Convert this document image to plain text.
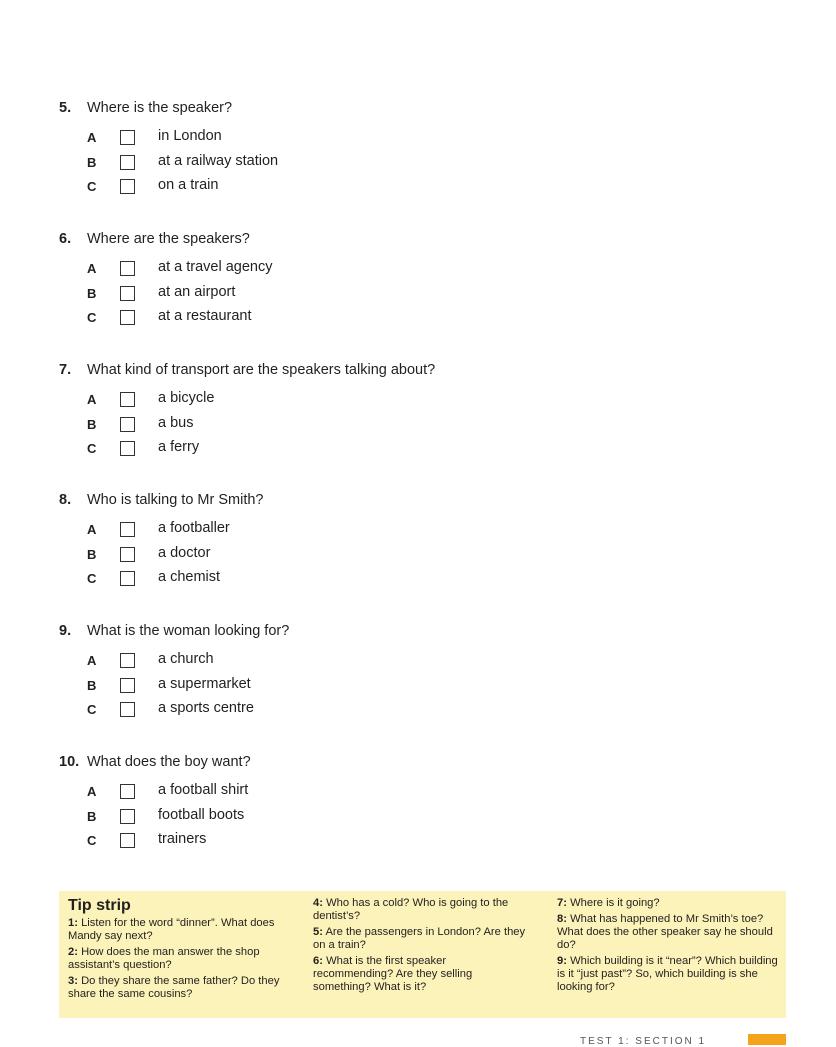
5.	Where is the speaker?
A	in London
B	at a railway station
C	on a train
6.	Where are the speakers?
A	at a travel agency
B	at an airport
C	at a restaurant
7.	What kind of transport are the speakers talking about?
A	a bicycle
B	a bus
C	a ferry
8.	Who is talking to Mr Smith?
A	a footballer
B	a doctor
C	a chemist
9.	What is the woman looking for?
A	a church
B	a supermarket
C	a sports centre
10. What does the boy want?
A	a football shirt
B	football boots
C	trainers
Tip strip
1: Listen for the word “dinner”. What does Mandy say next?
2: How does the man answer the shop assistant’s question?
3: Do they share the same father? Do they share the same cousins?
4: Who has a cold? Who is going to the dentist’s?
5: Are the passengers in London? Are they on a train?
6: What is the first speaker recommending? Are they selling something? What is it?
7: Where is it going?
8: What has happened to Mr Smith’s toe? What does the other speaker say he should do?
9: Which building is it “near”? Which building is it “just past”? So, which building is she looking for?
TEST 1: SECTION 1
